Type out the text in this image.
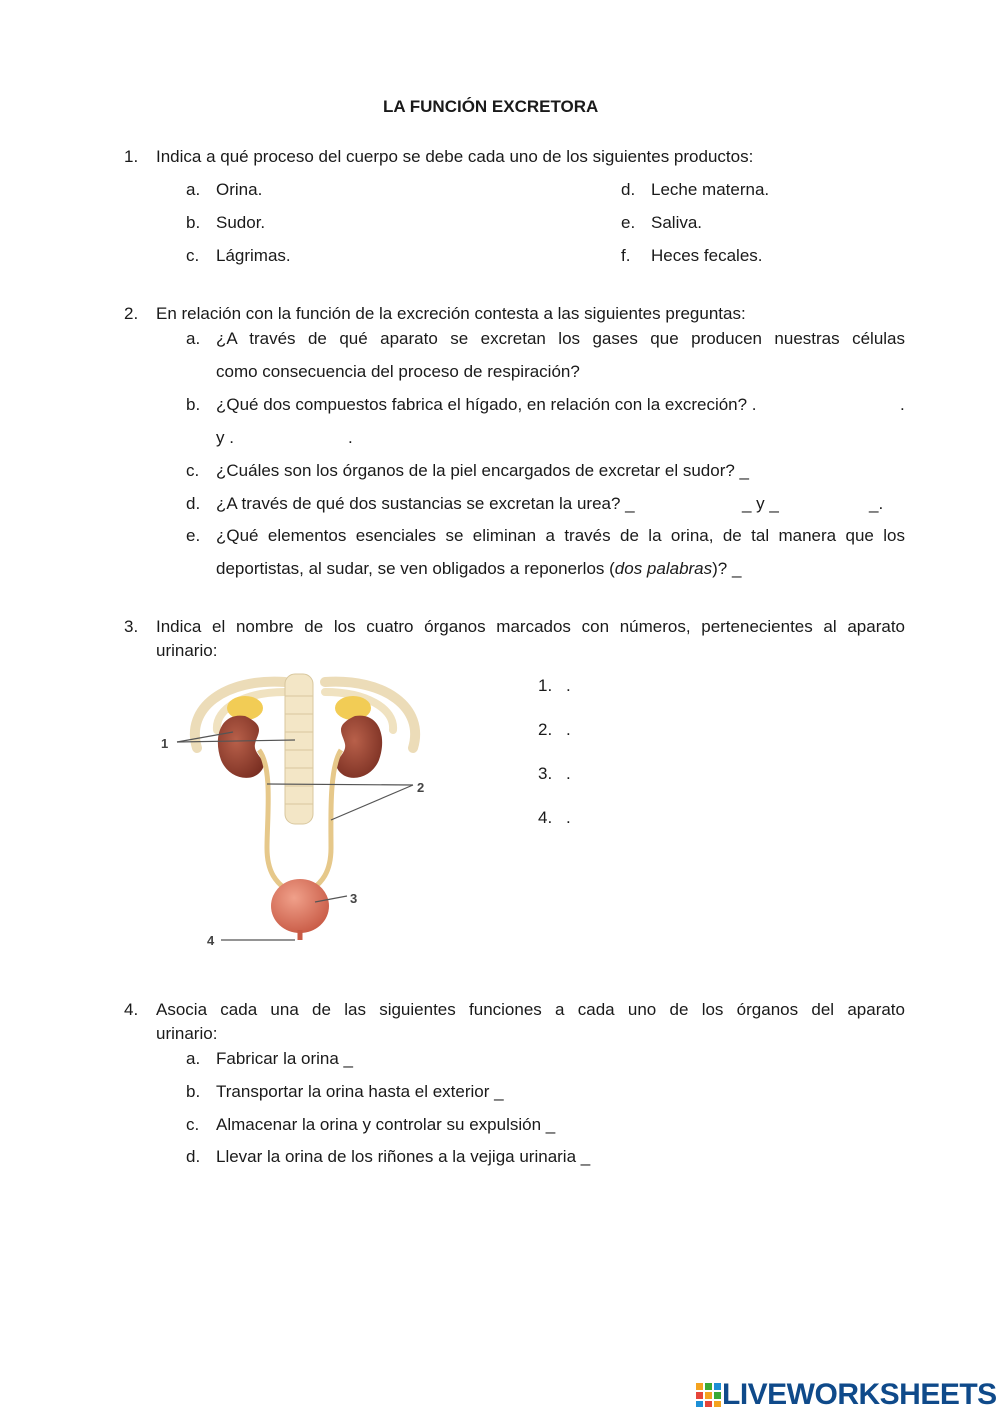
LA FUNCIÓN EXCRETORA
1. Indica a qué proceso del cuerpo se debe cada uno de los siguientes productos:
a. Orina.
b. Sudor.
c. Lágrimas.
d. Leche materna.
e. Saliva.
f. Heces fecales.
2. En relación con la función de la excreción contesta a las siguientes preguntas:
a. ¿A través de qué aparato se excretan los gases que producen nuestras células
como consecuencia del proceso de respiración?
b. ¿Qué dos compuestos fabrica el hígado, en relación con la excreción? .	.
y .	.
c. ¿Cuáles son los órganos de la piel encargados de excretar el sudor? _
d. ¿A través de qué dos sustancias se excretan la urea? _	_ y _	_.
e. ¿Qué elementos esenciales se eliminan a través de la orina, de tal manera que los
deportistas, al sudar, se ven obligados a reponerlos (dos palabras)? _
3. Indica el nombre de los cuatro órganos marcados con números, pertenecientes al aparato
urinario:
1. .
2. .
3. .
4. .
1
2
3
4
4. Asocia cada una de las siguientes funciones a cada uno de los órganos del aparato
urinario:
a. Fabricar la orina _
b. Transportar la orina hasta el exterior _
c. Almacenar la orina y controlar su expulsión _
d. Llevar la orina de los riñones a la vejiga urinaria _
LIVEWORKSHEETS
